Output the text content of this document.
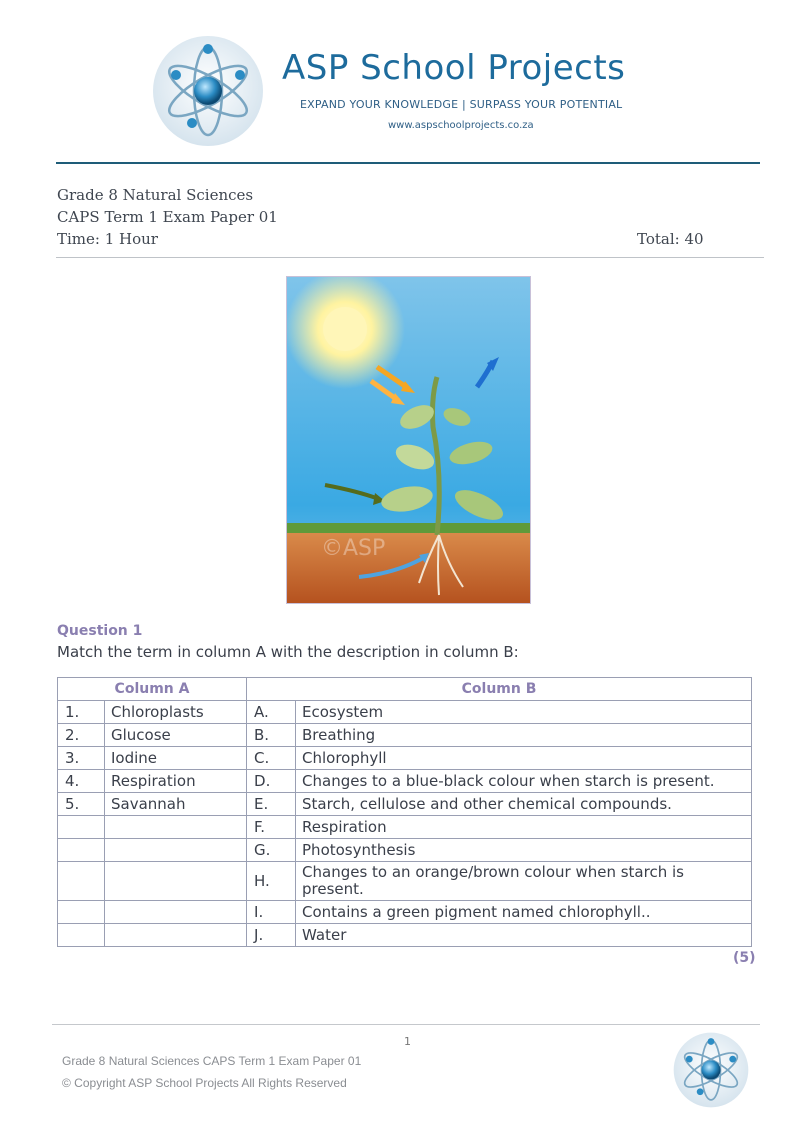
ASP School Projects
EXPAND YOUR KNOWLEDGE | SURPASS YOUR POTENTIAL
www.aspschoolprojects.co.za
Grade 8 Natural Sciences
CAPS Term 1 Exam Paper 01
Time: 1 Hour	Total: 40
©ASP
Question 1
Match the term in column A with the description in column B:
Column A		Column B	
1.	Chloroplasts	A.	Ecosystem
2.	Glucose	B.	Breathing
3.	Iodine	C.	Chlorophyll
4.	Respiration	D.	Changes to a blue-black colour when starch is present.
5.	Savannah	E.	Starch, cellulose and other chemical compounds.
		F.	Respiration
		G.	Photosynthesis
		H.	Changes to an orange/brown colour when starch is present.
		I.	Contains a green pigment named chlorophyll..
		J.	Water
(5)
1
Grade 8 Natural Sciences CAPS Term 1 Exam Paper 01
© Copyright ASP School Projects All Rights Reserved
